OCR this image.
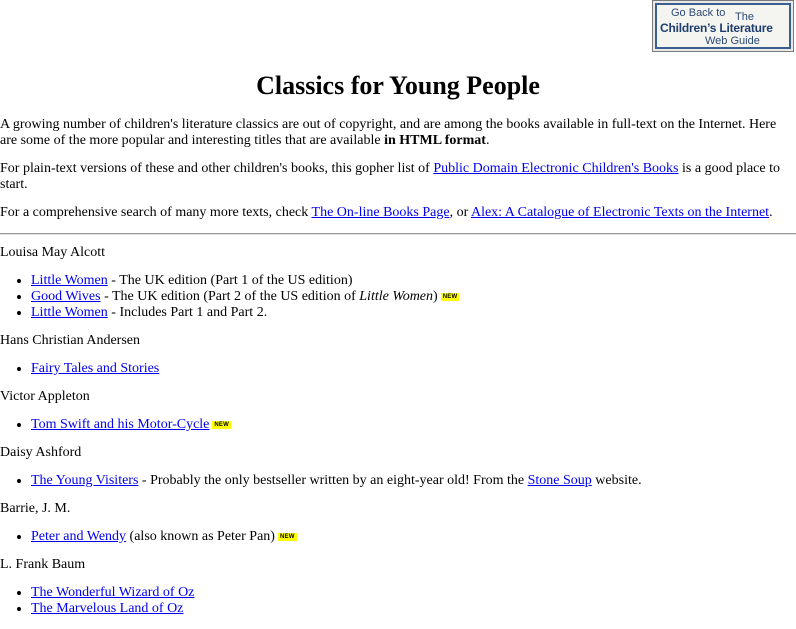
Go Back to The
Children’s Literature
Web Guide
Classics for Young People

A growing number of children's literature classics are out of copyright, and are among the books available in full-text on the Internet. Here are some of the more popular and interesting titles that are available in HTML format.

For plain-text versions of these and other children's books, this gopher list of Public Domain Electronic Children's Books is a good place to start.

For a comprehensive search of many more texts, check The On-line Books Page, or Alex: A Catalogue of Electronic Texts on the Internet.

Louisa May Alcott
• Little Women - The UK edition (Part 1 of the US edition)
• Good Wives - The UK edition (Part 2 of the US edition of Little Women) NEW
• Little Women - Includes Part 1 and Part 2.
Hans Christian Andersen
• Fairy Tales and Stories
Victor Appleton
• Tom Swift and his Motor-Cycle NEW
Daisy Ashford
• The Young Visiters - Probably the only bestseller written by an eight-year old! From the Stone Soup website.
Barrie, J. M.
• Peter and Wendy (also known as Peter Pan) NEW
L. Frank Baum
• The Wonderful Wizard of Oz
• The Marvelous Land of Oz
